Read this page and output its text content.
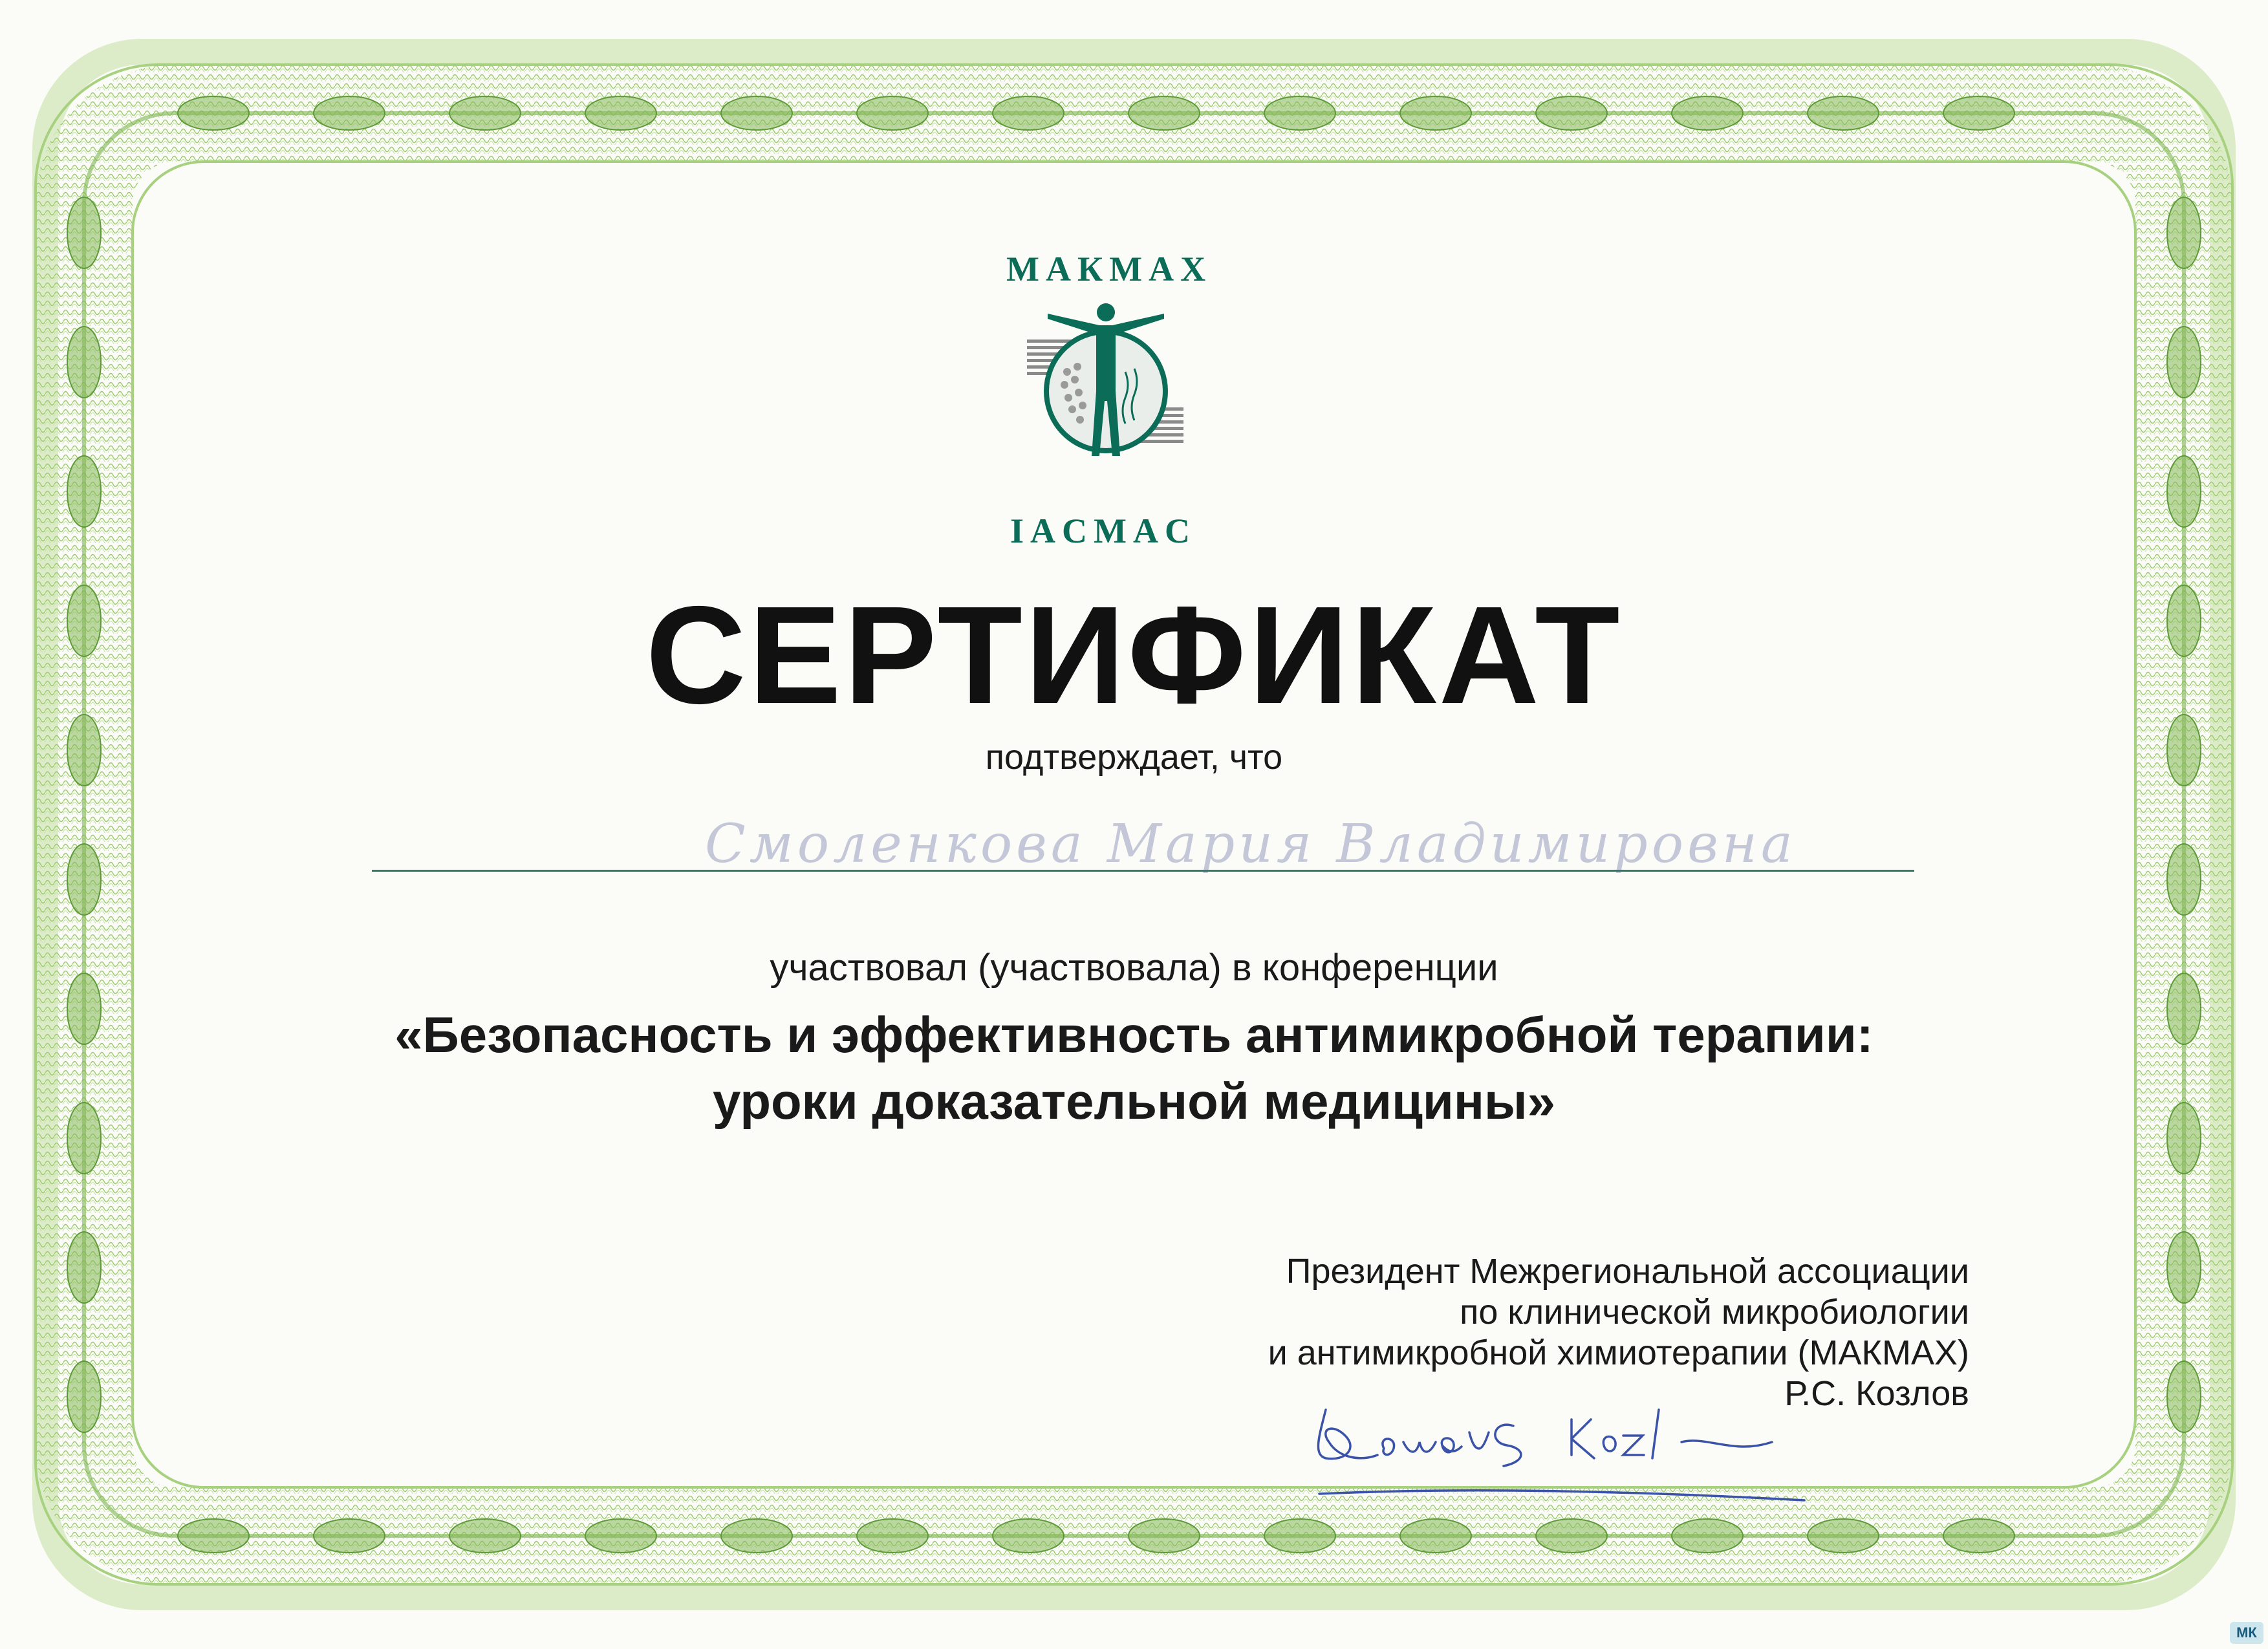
МАКМАХ
IACMAC
СЕРТИФИКАТ
подтверждает, что
Смоленкова Мария Владимировна
участвовал (участвовала) в конференции
«Безопасность и эффективность антимикробной терапии:
уроки доказательной медицины»
Президент Межрегиональной ассоциации
по клинической микробиологии
и антимикробной химиотерапии (МАКМАХ)
Р.С. Козлов
МК
